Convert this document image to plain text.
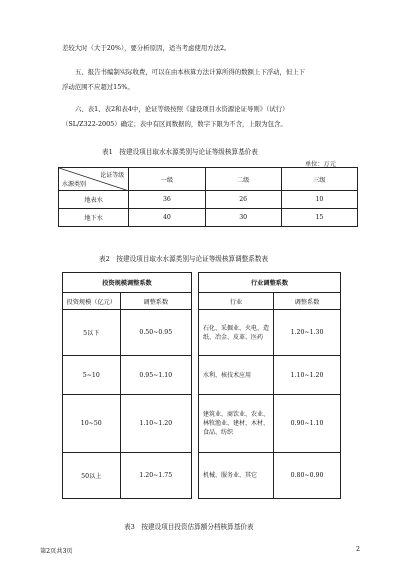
差较大时（大于20%），要分析原因，适当考虑使用方法2。

五、报告书编制实际收费，可以在由本核算方法计算所得的数额上下浮动，但上下

浮动范围不应超过15%。

六、表1、表2和表4中，论证等级按照《建设项目水资源论证导则》（试行）

（SL/Z322-2005）确定；表中有区间数据的，数字下限为不含，上限为包含。

表1　按建设项目取水水源类别与论证等级核算基价表

单位：万元
论证等级
水源类别	一级	二级	三级
地表水	36	26	10
地下水	40	30	15

表2　按建设项目取水水源类别与论证等级核算调整系数表

投资规模调整系数	
投资规模（亿元）	调整系数
5以下	0.50~0.95
5~10	0.95~1.10
10~50	1.10~1.20
50以上	1.20~1.75
行业调整系数	
行业	调整系数
石化、采掘业、火电、造纸、冶金、皮革、医药	1.20~1.30
水利、核技术应用	1.10~1.20
建筑业、商饮业、农业、林牧渔业、建材、木材、食品、纺织	0.90~1.10
机械、服务业、其它	0.80~0.90

表3　按建设项目投资估算额分档核算基价表

第2页共3页	2
